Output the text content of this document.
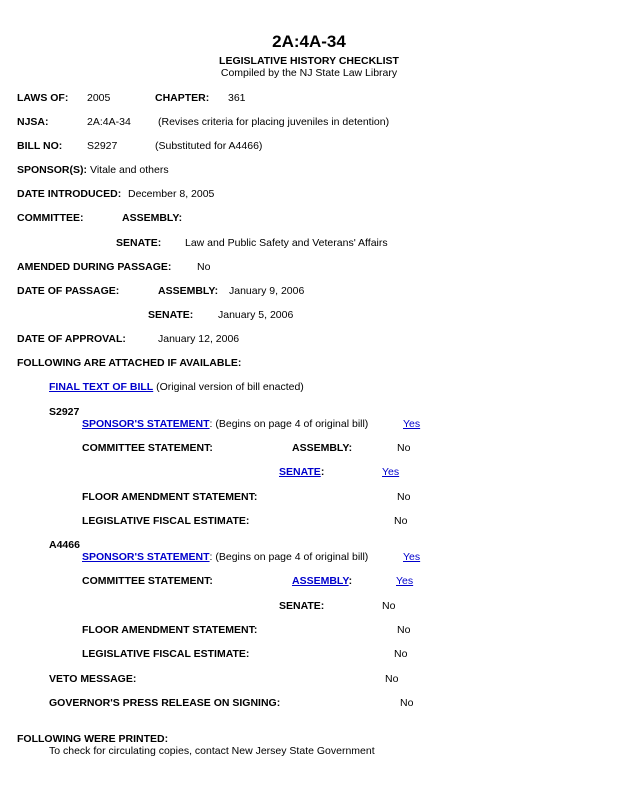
2A:4A-34
LEGISLATIVE HISTORY CHECKLIST
Compiled by the NJ State Law Library
LAWS OF: 2005	CHAPTER: 361
NJSA:	2A:4A-34	(Revises criteria for placing juveniles in detention)
BILL NO: S2927	(Substituted for A4466)
SPONSOR(S): Vitale and others
DATE INTRODUCED: December 8, 2005
COMMITTEE:	ASSEMBLY:
SENATE: Law and Public Safety and Veterans' Affairs
AMENDED DURING PASSAGE: No
DATE OF PASSAGE:	ASSEMBLY: January 9, 2006
SENATE: January 5, 2006
DATE OF APPROVAL:	January 12, 2006
FOLLOWING ARE ATTACHED IF AVAILABLE:
FINAL TEXT OF BILL (Original version of bill enacted)
S2927
SPONSOR'S STATEMENT: (Begins on page 4 of original bill)	Yes
COMMITTEE STATEMENT:	ASSEMBLY:	No
SENATE:	Yes
FLOOR AMENDMENT STATEMENT:	No
LEGISLATIVE FISCAL ESTIMATE:	No
A4466
SPONSOR'S STATEMENT: (Begins on page 4 of original bill)	Yes
COMMITTEE STATEMENT:	ASSEMBLY:	Yes
SENATE:	No
FLOOR AMENDMENT STATEMENT:	No
LEGISLATIVE FISCAL ESTIMATE:	No
VETO MESSAGE:	No
GOVERNOR'S PRESS RELEASE ON SIGNING:	No
FOLLOWING WERE PRINTED:
To check for circulating copies, contact New Jersey State Government
